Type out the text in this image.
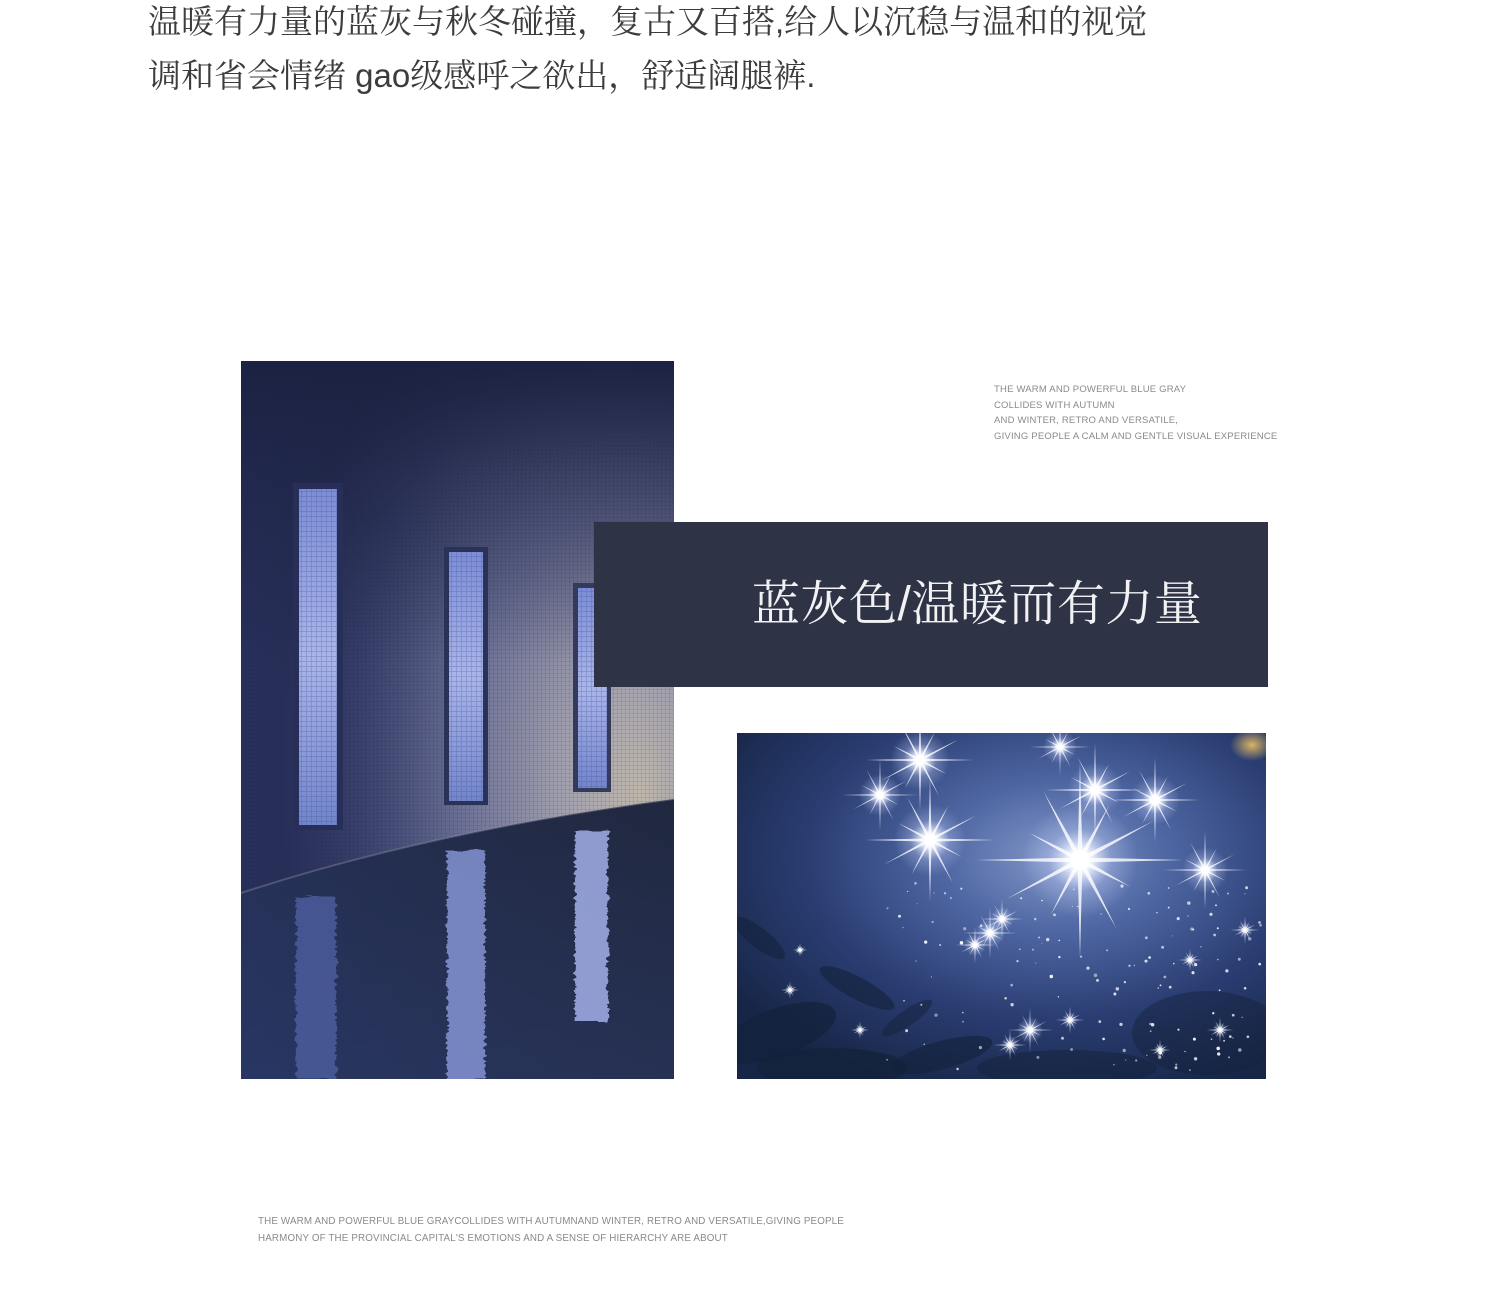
温暖有力量的蓝灰与秋冬碰撞，复古又百搭,给人以沉稳与温和的视觉
调和省会情绪 gao级感呼之欲出，舒适阔腿裤.
THE WARM AND POWERFUL BLUE GRAY
COLLIDES WITH AUTUMN
AND WINTER, RETRO AND VERSATILE,
GIVING PEOPLE A CALM AND GENTLE VISUAL EXPERIENCE
蓝灰色/温暖而有力量
THE WARM AND POWERFUL BLUE GRAYCOLLIDES WITH AUTUMNAND WINTER, RETRO AND VERSATILE,GIVING PEOPLE
HARMONY OF THE PROVINCIAL CAPITAL'S EMOTIONS AND A SENSE OF HIERARCHY ARE ABOUT
